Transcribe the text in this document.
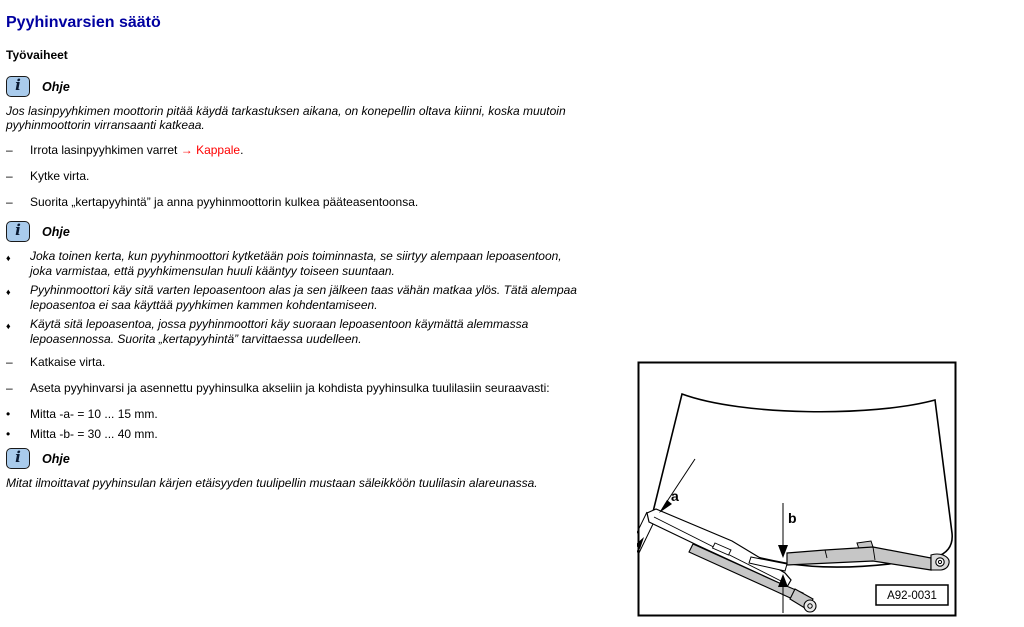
Pyyhinvarsien säätö
Työvaiheet
i Ohje

Jos lasinpyyhkimen moottorin pitää käydä tarkastuksen aikana, on konepellin oltava kiinni, koska muutoin pyyhinmoottorin virransaanti katkeaa.

–	Irrota lasinpyyhkimen varret → Kappale.
–	Kytke virta.
–	Suorita „kertapyyhintä” ja anna pyyhinmoottorin kulkea pääteasentoonsa.
i Ohje
♦	Joka toinen kerta, kun pyyhinmoottori kytketään pois toiminnasta, se siirtyy alempaan lepoasentoon, joka varmistaa, että pyyhkimensulan huuli kääntyy toiseen suuntaan.
♦	Pyyhinmoottori käy sitä varten lepoasentoon alas ja sen jälkeen taas vähän matkaa ylös. Tätä alempaa lepoasentoa ei saa käyttää pyyhkimen kammen kohdentamiseen.
♦	Käytä sitä lepoasentoa, jossa pyyhinmoottori käy suoraan lepoasentoon käymättä alemmassa lepoasennossa. Suorita „kertapyyhintä” tarvittaessa uudelleen.
–	Katkaise virta.
–	Aseta pyyhinvarsi ja asennettu pyyhinsulka akseliin ja kohdista pyyhinsulka tuulilasiin seuraavasti:
•	Mitta -a- = 10 ... 15 mm.
•	Mitta -b- = 30 ... 40 mm.
i Ohje

Mitat ilmoittavat pyyhinsulan kärjen etäisyyden tuulipellin mustaan säleikköön tuulilasin alareunassa.

a
b
A92-0031
